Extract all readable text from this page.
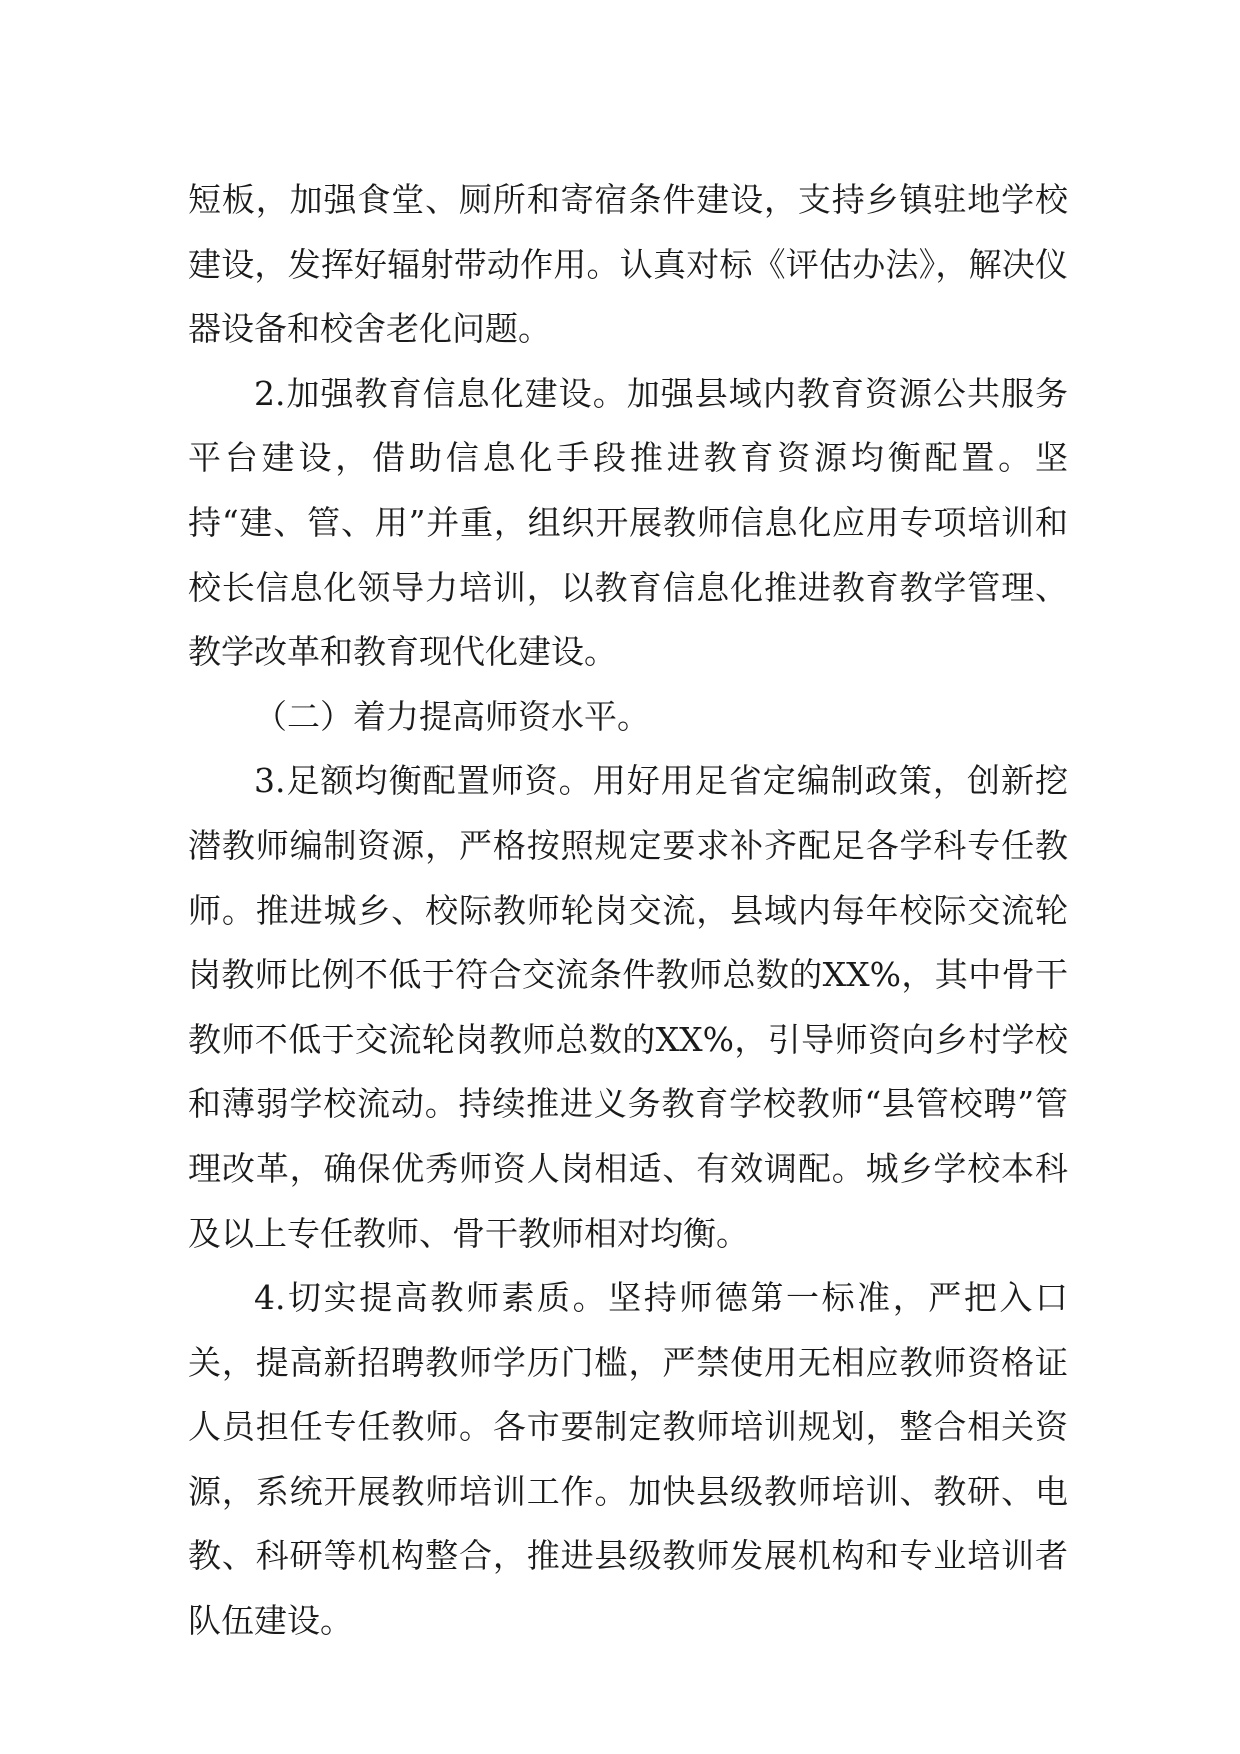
短板，加强食堂、厕所和寄宿条件建设，支持乡镇驻地学校建设，发挥好辐射带动作用。认真对标《评估办法》，解决仪器设备和校舍老化问题。

2.加强教育信息化建设。加强县域内教育资源公共服务平台建设，借助信息化手段推进教育资源均衡配置。坚持“建、管、用”并重，组织开展教师信息化应用专项培训和校长信息化领导力培训，以教育信息化推进教育教学管理、教学改革和教育现代化建设。

（二）着力提高师资水平。

3.足额均衡配置师资。用好用足省定编制政策，创新挖潜教师编制资源，严格按照规定要求补齐配足各学科专任教师。推进城乡、校际教师轮岗交流，县域内每年校际交流轮岗教师比例不低于符合交流条件教师总数的XX%，其中骨干教师不低于交流轮岗教师总数的XX%，引导师资向乡村学校和薄弱学校流动。持续推进义务教育学校教师“县管校聘”管理改革，确保优秀师资人岗相适、有效调配。城乡学校本科及以上专任教师、骨干教师相对均衡。

4.切实提高教师素质。坚持师德第一标准，严把入口关，提高新招聘教师学历门槛，严禁使用无相应教师资格证人员担任专任教师。各市要制定教师培训规划，整合相关资源，系统开展教师培训工作。加快县级教师培训、教研、电教、科研等机构整合，推进县级教师发展机构和专业培训者队伍建设。
